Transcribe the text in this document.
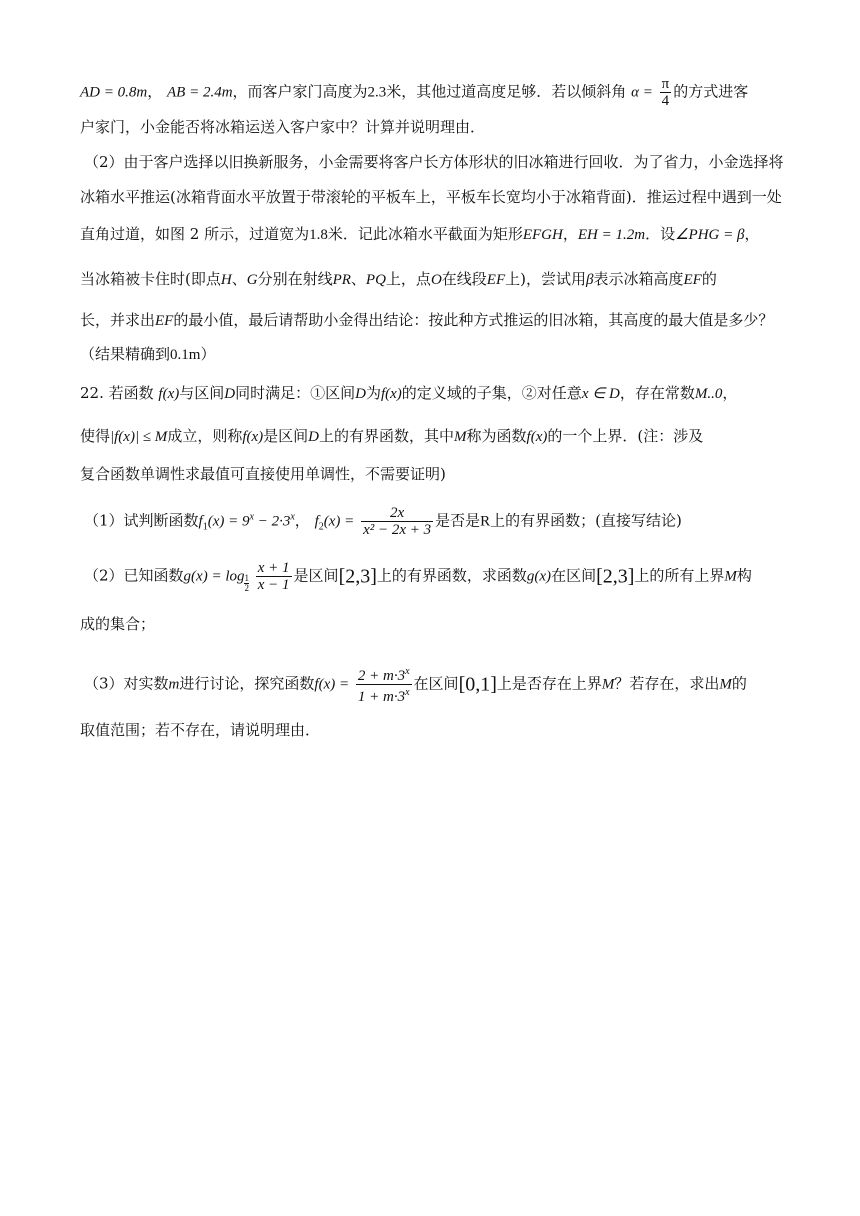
AD = 0.8m， AB = 2.4m，而客户家门高度为2.3米，其他过道高度足够．若以倾斜角 $\alpha = \frac{\pi}{4}$ 的方式进客
户家门，小金能否将冰箱运送入客户家中？计算并说明理由．
（2）由于客户选择以旧换新服务，小金需要将客户长方体形状的旧冰箱进行回收．为了省力，小金选择将
冰箱水平推运(冰箱背面水平放置于带滚轮的平板车上，平板车长宽均小于冰箱背面)．推运过程中遇到一处
直角过道，如图 2 所示，过道宽为1.8米．记此冰箱水平截面为矩形EFGH，EH = 1.2m．设∠PHG = β，
当冰箱被卡住时(即点H、G分别在射线PR、PQ上，点O在线段EF上)，尝试用β表示冰箱高度EF的
长，并求出EF的最小值，最后请帮助小金得出结论：按此种方式推运的旧冰箱，其高度的最大值是多少？
（结果精确到0.1m）
22. 若函数 f(x)与区间D同时满足：①区间D为f(x)的定义域的子集，②对任意x ∈ D，存在常数M..0，
使得|f(x)| ≤ M成立，则称f(x)是区间D上的有界函数，其中M称为函数f(x)的一个上界．(注：涉及
复合函数单调性求最值可直接使用单调性，不需要证明)
（1）试判断函数$f_1(x) = 9^x - 2\cdot 3^x$， $f_2(x) = \frac{2x}{\text{x² − 2x + 3}}$ 是否是R上的有界函数；(直接写结论)
（2）已知函数$g(x) = \log \frac{1}{2}$
$\frac{x + 1}{x - 1}$ 是区间[2,3]上的有界函数，求函数g(x)在区间[2,3]上的所有上界M构
成的集合；
（3）对实数m进行讨论，探究函数$f(x) = \frac{2 + m\cdot 3^x}{1 + m\cdot 3^x}$ 在区间[0,1]上是否存在上界M？若存在，求出M的
取值范围；若不存在，请说明理由．
